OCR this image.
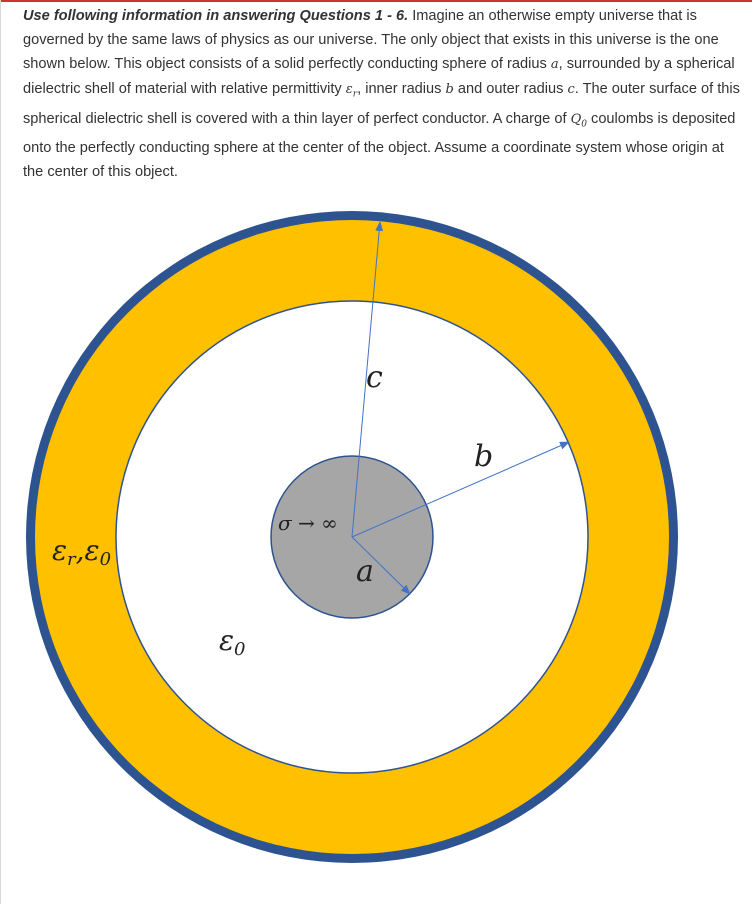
Use following information in answering Questions 1 - 6. Imagine an otherwise empty universe that is governed by the same laws of physics as our universe. The only object that exists in this universe is the one shown below. This object consists of a solid perfectly conducting sphere of radius a, surrounded by a spherical dielectric shell of material with relative permittivity $\varepsilon_r$, inner radius b and outer radius c. The outer surface of this spherical dielectric shell is covered with a thin layer of perfect conductor. A charge of $Q_0$ coulombs is deposited onto the perfectly conducting sphere at the center of the object. Assume a coordinate system whose origin at the center of this object.

c
b
a
σ → ∞
εr,ε0
ε0
